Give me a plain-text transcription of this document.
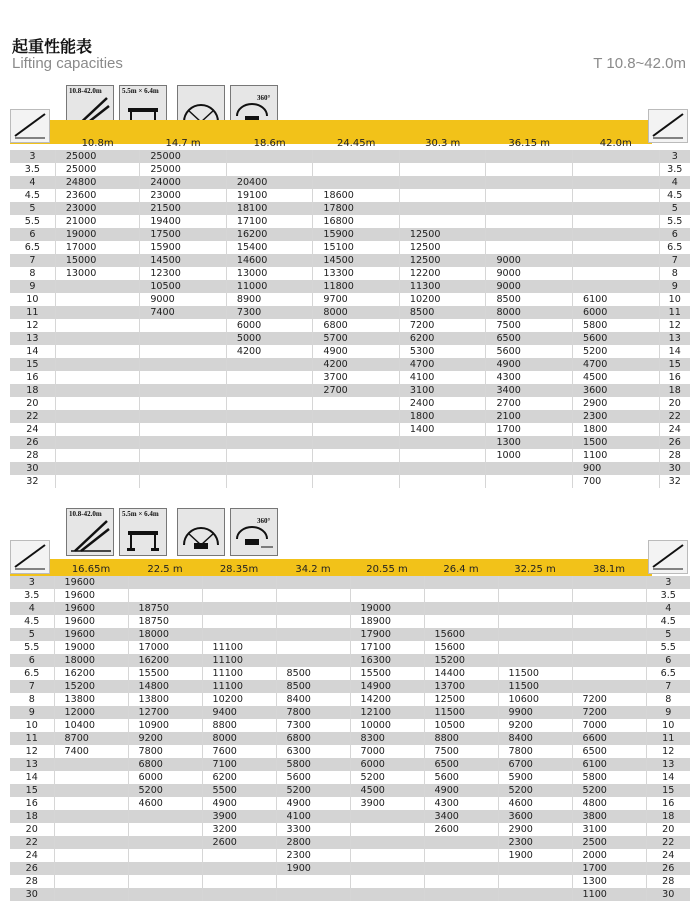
起重性能表
Lifting capacities	T 10.8~42.0m
10.8-42.0m	5.5m × 6.4m
360°
	10.8m	14.7 m	18.6m	24.45m	30.3 m	36.15 m	42.0m	
3	25000	25000						3
3.5	25000	25000						3.5
4	24800	24000	20400					4
4.5	23600	23000	19100	18600				4.5
5	23000	21500	18100	17800				5
5.5	21000	19400	17100	16800				5.5
6	19000	17500	16200	15900	12500			6
6.5	17000	15900	15400	15100	12500			6.5
7	15000	14500	14600	14500	12500	9000		7
8	13000	12300	13000	13300	12200	9000		8
9		10500	11000	11800	11300	9000		9
10		9000	8900	9700	10200	8500	6100	10
11		7400	7300	8000	8500	8000	6000	11
12			6000	6800	7200	7500	5800	12
13			5000	5700	6200	6500	5600	13
14			4200	4900	5300	5600	5200	14
15				4200	4700	4900	4700	15
16				3700	4100	4300	4500	16
18				2700	3100	3400	3600	18
20					2400	2700	2900	20
22					1800	2100	2300	22
24					1400	1700	1800	24
26						1300	1500	26
28						1000	1100	28
30							900	30
32							700	32
10.8-42.0m	5.5m × 6.4m
360°
	16.65m	22.5 m	28.35m	34.2 m	20.55 m	26.4 m	32.25 m	38.1m	
3	19600								3
3.5	19600								3.5
4	19600	18750			19000				4
4.5	19600	18750			18900				4.5
5	19600	18000			17900	15600			5
5.5	19000	17000	11100		17100	15600			5.5
6	18000	16200	11100		16300	15200			6
6.5	16200	15500	11100	8500	15500	14400	11500		6.5
7	15200	14800	11100	8500	14900	13700	11500		7
8	13800	13800	10200	8400	14200	12500	10600	7200	8
9	12000	12700	9400	7800	12100	11500	9900	7200	9
10	10400	10900	8800	7300	10000	10500	9200	7000	10
11	8700	9200	8000	6800	8300	8800	8400	6600	11
12	7400	7800	7600	6300	7000	7500	7800	6500	12
13		6800	7100	5800	6000	6500	6700	6100	13
14		6000	6200	5600	5200	5600	5900	5800	14
15		5200	5500	5200	4500	4900	5200	5200	15
16		4600	4900	4900	3900	4300	4600	4800	16
18			3900	4100		3400	3600	3800	18
20			3200	3300		2600	2900	3100	20
22			2600	2800			2300	2500	22
24				2300			1900	2000	24
26				1900				1700	26
28								1300	28
30								1100	30
